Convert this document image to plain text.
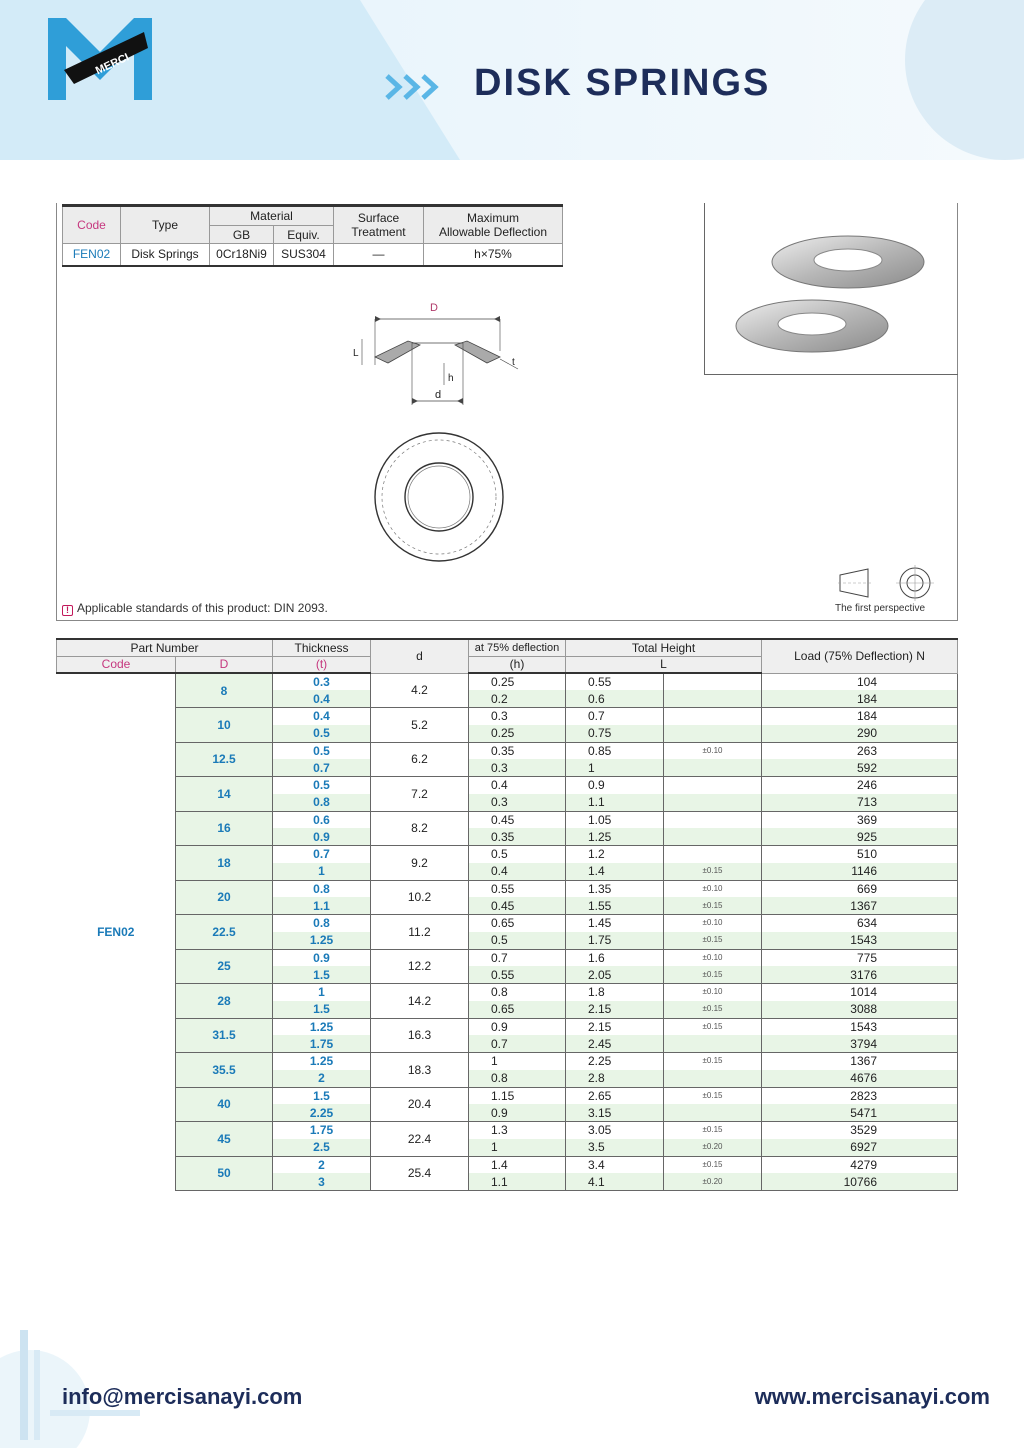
MERCI	DISK SPRINGS
Code	Type	Material		Surface
Treatment	Maximum
Allowable Deflection
		GB	Equiv.		
FEN02	Disk Springs	0Cr18Ni9	SUS304	—	h×75%
D
L
h
t
d
! Applicable standards of this product: DIN 2093.	The first perspective
Part Number		Thickness	d	at 75% deflection	Total Height		Load (75% Deflection) N
Code	D	(t)		(h)	L		
FEN02	8	0.3	4.2	0.25	0.55		104
		0.4		0.2	0.6		184
	10	0.4	5.2	0.3	0.7		184
		0.5		0.25	0.75		290
	12.5	0.5	6.2	0.35	0.85	±0.10	263
		0.7		0.3	1		592
	14	0.5	7.2	0.4	0.9		246
		0.8		0.3	1.1		713
	16	0.6	8.2	0.45	1.05		369
		0.9		0.35	1.25		925
	18	0.7	9.2	0.5	1.2		510
		1		0.4	1.4	±0.15	1146
	20	0.8	10.2	0.55	1.35	±0.10	669
		1.1		0.45	1.55	±0.15	1367
	22.5	0.8	11.2	0.65	1.45	±0.10	634
		1.25		0.5	1.75	±0.15	1543
	25	0.9	12.2	0.7	1.6	±0.10	775
		1.5		0.55	2.05	±0.15	3176
	28	1	14.2	0.8	1.8	±0.10	1014
		1.5		0.65	2.15	±0.15	3088
	31.5	1.25	16.3	0.9	2.15	±0.15	1543
		1.75		0.7	2.45		3794
	35.5	1.25	18.3	1	2.25	±0.15	1367
		2		0.8	2.8		4676
	40	1.5	20.4	1.15	2.65	±0.15	2823
		2.25		0.9	3.15		5471
	45	1.75	22.4	1.3	3.05	±0.15	3529
		2.5		1	3.5	±0.20	6927
	50	2	25.4	1.4	3.4	±0.15	4279
		3		1.1	4.1	±0.20	10766
info@mercisanayi.com	www.mercisanayi.com
